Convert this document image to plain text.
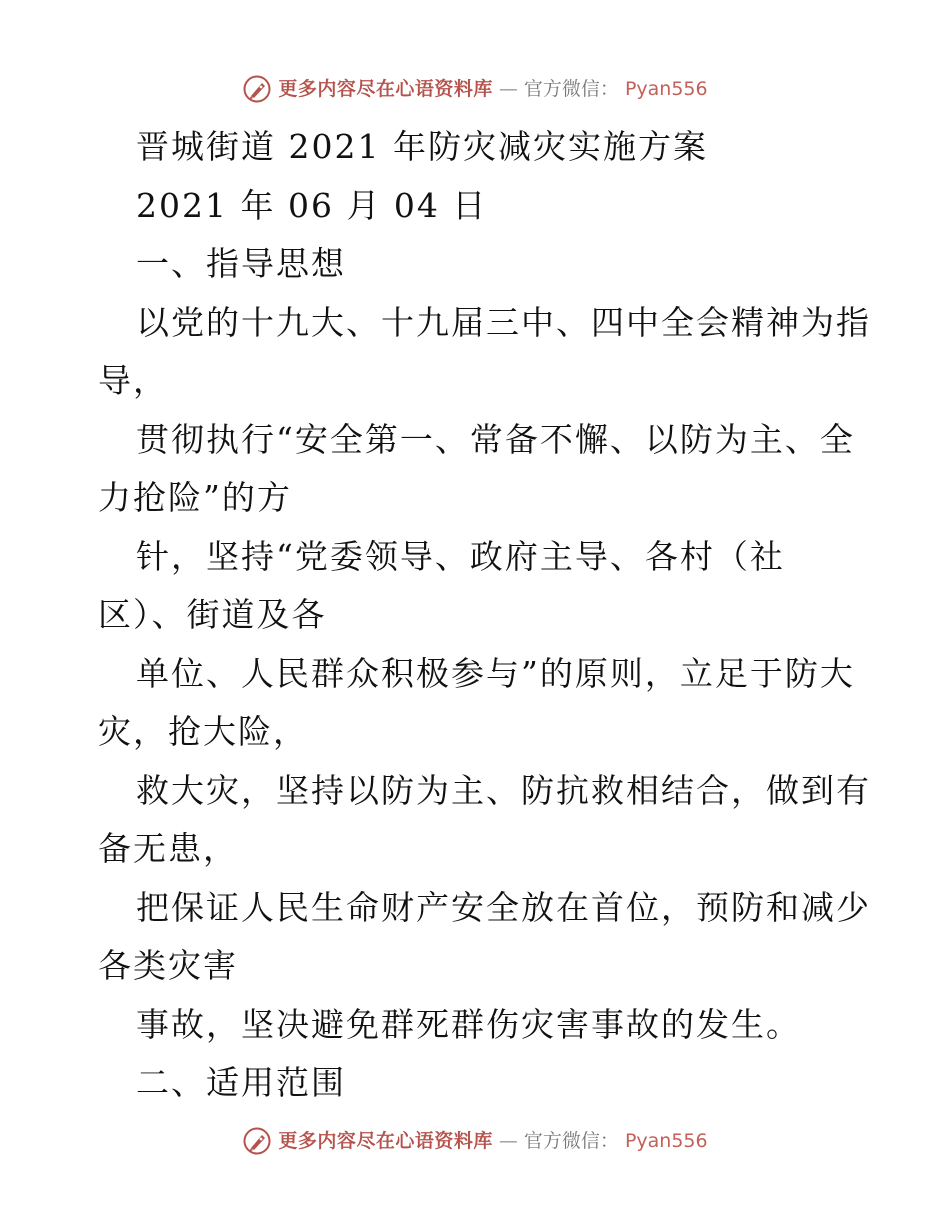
更多内容尽在心语资料库 — 官方微信： Pyan556
晋城街道 2021 年防灾减灾实施方案
2021 年 06 月 04 日
一、指导思想
以党的十九大、十九届三中、四中全会精神为指
导，
贯彻执行“安全第一、常备不懈、以防为主、全
力抢险”的方
针，坚持“党委领导、政府主导、各村（社
区）、街道及各
单位、人民群众积极参与”的原则，立足于防大
灾，抢大险，
救大灾，坚持以防为主、防抗救相结合，做到有
备无患，
把保证人民生命财产安全放在首位，预防和减少
各类灾害
事故，坚决避免群死群伤灾害事故的发生。
二、适用范围
更多内容尽在心语资料库 — 官方微信： Pyan556
